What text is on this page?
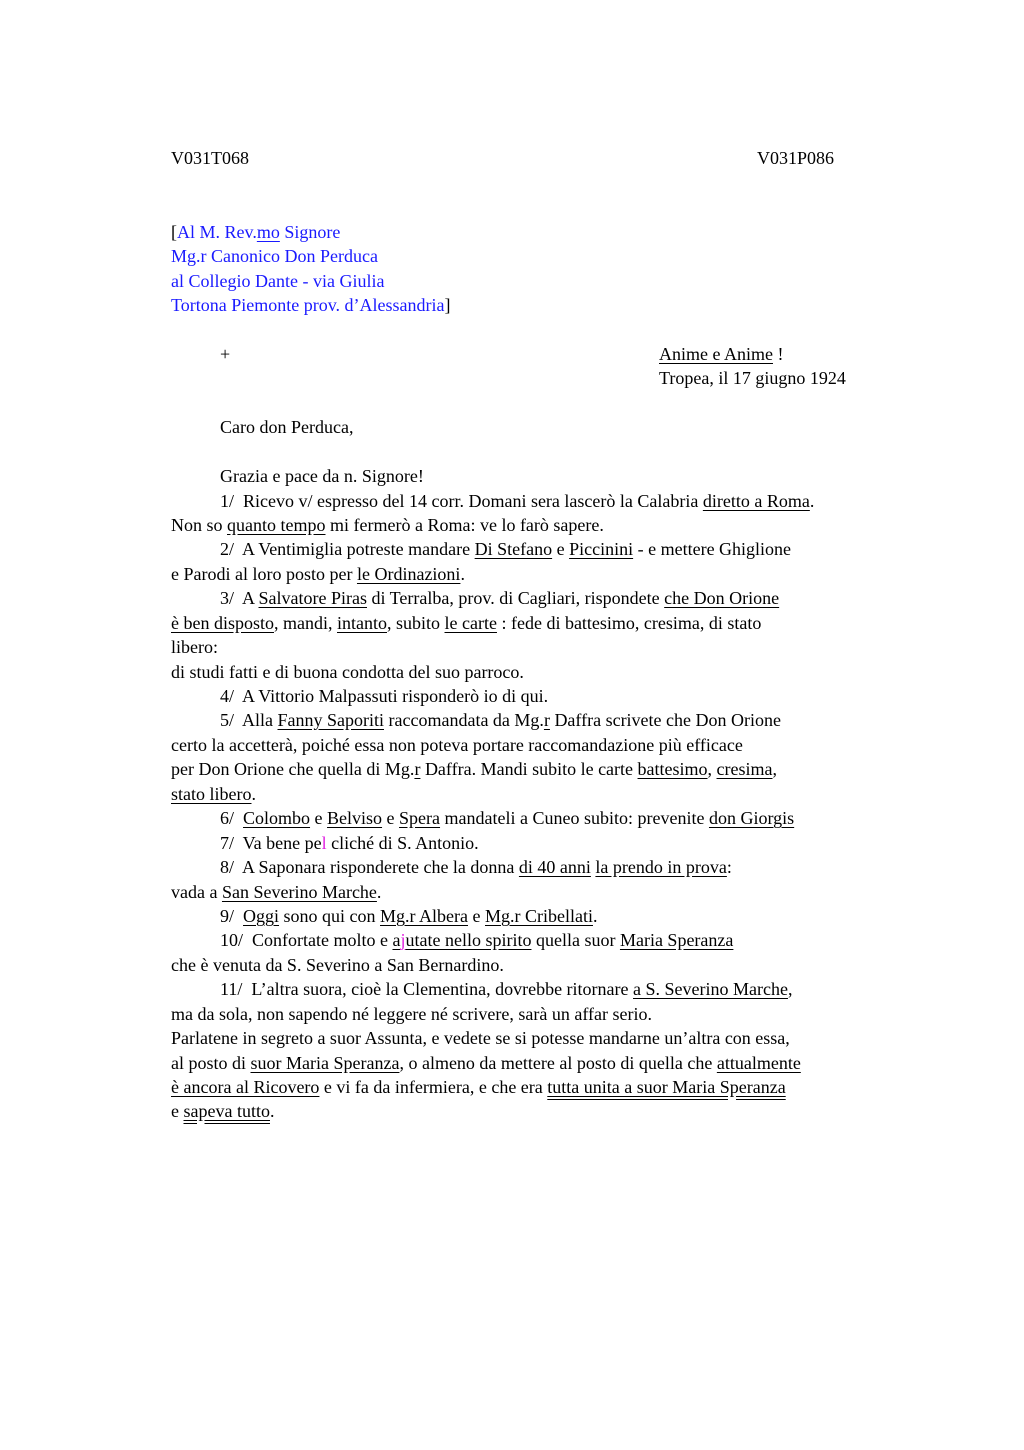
V031T068	V031P086
[Al M. Rev.mo Signore
Mg.r Canonico Don Perduca
al Collegio Dante - via Giulia
Tortona Piemonte prov. d’Alessandria]
+	Anime e Anime !
Tropea, il 17 giugno 1924
Caro don Perduca,
Grazia e pace da n. Signore!
1/  Ricevo v/ espresso del 14 corr. Domani sera lascerò la Calabria diretto a Roma.
Non so quanto tempo mi fermerò a Roma: ve lo farò sapere.
2/  A Ventimiglia potreste mandare Di Stefano e Piccinini - e mettere Ghiglione
e Parodi al loro posto per le Ordinazioni.
3/  A Salvatore Piras di Terralba, prov. di Cagliari, rispondete che Don Orione
è ben disposto, mandi, intanto, subito le carte : fede di battesimo, cresima, di stato
libero:
di studi fatti e di buona condotta del suo parroco.
4/  A Vittorio Malpassuti risponderò io di qui.
5/  Alla Fanny Saporiti raccomandata da Mg.r Daffra scrivete che Don Orione
certo la accetterà, poiché essa non poteva portare raccomandazione più efficace
per Don Orione che quella di Mg.r Daffra. Mandi subito le carte battesimo, cresima,
stato libero.
6/  Colombo e Belviso e Spera mandateli a Cuneo subito: prevenite don Giorgis
7/  Va bene pel cliché di S. Antonio.
8/  A Saponara risponderete che la donna di 40 anni la prendo in prova:
vada a San Severino Marche.
9/  Oggi sono qui con Mg.r Albera e Mg.r Cribellati.
10/  Confortate molto e ajutate nello spirito quella suor Maria Speranza
che è venuta da S. Severino a San Bernardino.
11/  L’altra suora, cioè la Clementina, dovrebbe ritornare a S. Severino Marche,
ma da sola, non sapendo né leggere né scrivere, sarà un affar serio.
Parlatene in segreto a suor Assunta, e vedete se si potesse mandarne un’altra con essa,
al posto di suor Maria Speranza, o almeno da mettere al posto di quella che attualmente
è ancora al Ricovero e vi fa da infermiera, e che era tutta unita a suor Maria Speranza
e sapeva tutto.
